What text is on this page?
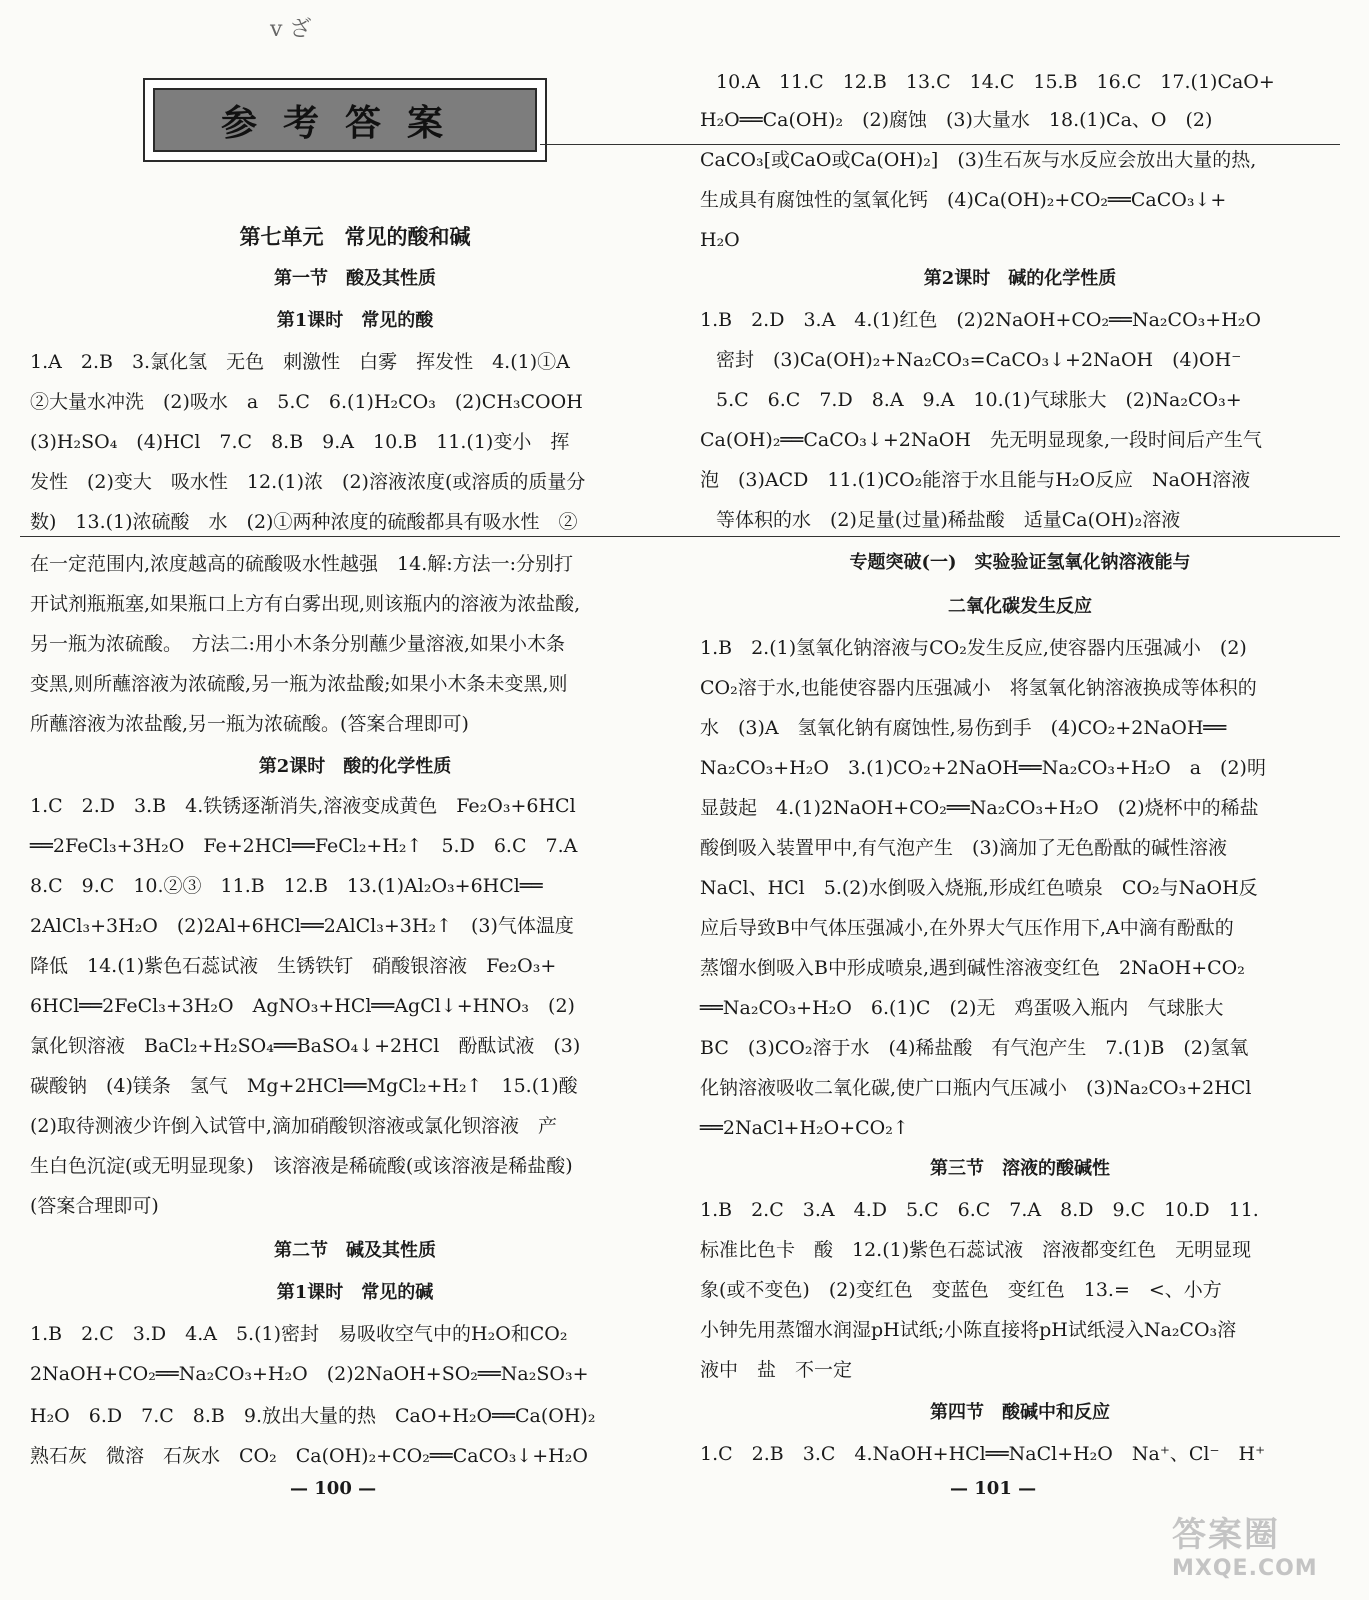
ⅴ ざ
参考答案
第七单元　常见的酸和碱
第一节　酸及其性质
第1课时　常见的酸
1.A　2.B　3.氯化氢　无色　刺激性　白雾　挥发性　4.(1)①A
②大量水冲洗　(2)吸水　a　5.C　6.(1)H₂CO₃　(2)CH₃COOH
(3)H₂SO₄　(4)HCl　7.C　8.B　9.A　10.B　11.(1)变小　挥
发性　(2)变大　吸水性　12.(1)浓　(2)溶液浓度(或溶质的质量分
数)　13.(1)浓硫酸　水　(2)①两种浓度的硫酸都具有吸水性　②
在一定范围内,浓度越高的硫酸吸水性越强　14.解:方法一:分别打
开试剂瓶瓶塞,如果瓶口上方有白雾出现,则该瓶内的溶液为浓盐酸,
另一瓶为浓硫酸。　方法二:用小木条分别蘸少量溶液,如果小木条
变黑,则所蘸溶液为浓硫酸,另一瓶为浓盐酸;如果小木条未变黑,则
所蘸溶液为浓盐酸,另一瓶为浓硫酸。(答案合理即可)
第2课时　酸的化学性质
1.C　2.D　3.B　4.铁锈逐渐消失,溶液变成黄色　Fe₂O₃+6HCl
══2FeCl₃+3H₂O　Fe+2HCl══FeCl₂+H₂↑　5.D　6.C　7.A
8.C　9.C　10.②③　11.B　12.B　13.(1)Al₂O₃+6HCl══
2AlCl₃+3H₂O　(2)2Al+6HCl══2AlCl₃+3H₂↑　(3)气体温度
降低　14.(1)紫色石蕊试液　生锈铁钉　硝酸银溶液　Fe₂O₃+
6HCl══2FeCl₃+3H₂O　AgNO₃+HCl══AgCl↓+HNO₃　(2)
氯化钡溶液　BaCl₂+H₂SO₄══BaSO₄↓+2HCl　酚酞试液　(3)
碳酸钠　(4)镁条　氢气　Mg+2HCl══MgCl₂+H₂↑　15.(1)酸
(2)取待测液少许倒入试管中,滴加硝酸钡溶液或氯化钡溶液　产
生白色沉淀(或无明显现象)　该溶液是稀硫酸(或该溶液是稀盐酸)
(答案合理即可)
第二节　碱及其性质
第1课时　常见的碱
1.B　2.C　3.D　4.A　5.(1)密封　易吸收空气中的H₂O和CO₂
2NaOH+CO₂══Na₂CO₃+H₂O　(2)2NaOH+SO₂══Na₂SO₃+
H₂O　6.D　7.C　8.B　9.放出大量的热　CaO+H₂O══Ca(OH)₂
熟石灰　微溶　石灰水　CO₂　Ca(OH)₂+CO₂══CaCO₃↓+H₂O
— 100 —
10.A　11.C　12.B　13.C　14.C　15.B　16.C　17.(1)CaO+
H₂O══Ca(OH)₂　(2)腐蚀　(3)大量水　18.(1)Ca、O　(2)
CaCO₃[或CaO或Ca(OH)₂]　(3)生石灰与水反应会放出大量的热,
生成具有腐蚀性的氢氧化钙　(4)Ca(OH)₂+CO₂══CaCO₃↓+
H₂O
第2课时　碱的化学性质
1.B　2.D　3.A　4.(1)红色　(2)2NaOH+CO₂══Na₂CO₃+H₂O
密封　(3)Ca(OH)₂+Na₂CO₃=CaCO₃↓+2NaOH　(4)OH⁻
5.C　6.C　7.D　8.A　9.A　10.(1)气球胀大　(2)Na₂CO₃+
Ca(OH)₂══CaCO₃↓+2NaOH　先无明显现象,一段时间后产生气
泡　(3)ACD　11.(1)CO₂能溶于水且能与H₂O反应　NaOH溶液
等体积的水　(2)足量(过量)稀盐酸　适量Ca(OH)₂溶液
专题突破(一)　实验验证氢氧化钠溶液能与
二氧化碳发生反应
1.B　2.(1)氢氧化钠溶液与CO₂发生反应,使容器内压强减小　(2)
CO₂溶于水,也能使容器内压强减小　将氢氧化钠溶液换成等体积的
水　(3)A　氢氧化钠有腐蚀性,易伤到手　(4)CO₂+2NaOH══
Na₂CO₃+H₂O　3.(1)CO₂+2NaOH══Na₂CO₃+H₂O　a　(2)明
显鼓起　4.(1)2NaOH+CO₂══Na₂CO₃+H₂O　(2)烧杯中的稀盐
酸倒吸入装置甲中,有气泡产生　(3)滴加了无色酚酞的碱性溶液
NaCl、HCl　5.(2)水倒吸入烧瓶,形成红色喷泉　CO₂与NaOH反
应后导致B中气体压强减小,在外界大气压作用下,A中滴有酚酞的
蒸馏水倒吸入B中形成喷泉,遇到碱性溶液变红色　2NaOH+CO₂
══Na₂CO₃+H₂O　6.(1)C　(2)无　鸡蛋吸入瓶内　气球胀大
BC　(3)CO₂溶于水　(4)稀盐酸　有气泡产生　7.(1)B　(2)氢氧
化钠溶液吸收二氧化碳,使广口瓶内气压减小　(3)Na₂CO₃+2HCl
══2NaCl+H₂O+CO₂↑
第三节　溶液的酸碱性
1.B　2.C　3.A　4.D　5.C　6.C　7.A　8.D　9.C　10.D　11.
标准比色卡　酸　12.(1)紫色石蕊试液　溶液都变红色　无明显现
象(或不变色)　(2)变红色　变蓝色　变红色　13.=　<、小方
小钟先用蒸馏水润湿pH试纸;小陈直接将pH试纸浸入Na₂CO₃溶
液中　盐　不一定
第四节　酸碱中和反应
1.C　2.B　3.C　4.NaOH+HCl══NaCl+H₂O　Na⁺、Cl⁻　H⁺
— 101 —
答案圈
MXQE.COM
